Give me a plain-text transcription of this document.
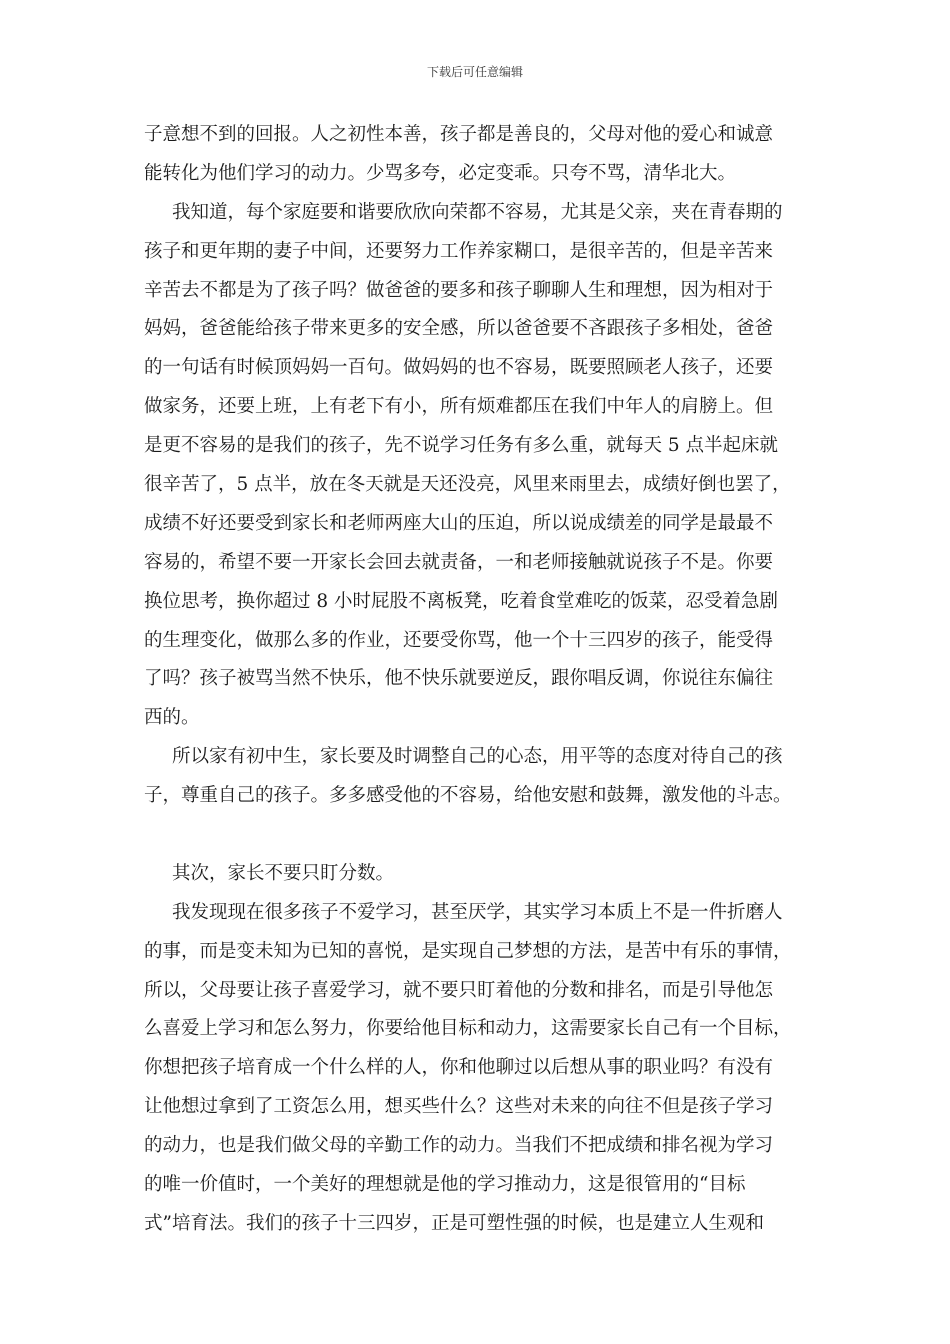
下载后可任意编辑
子意想不到的回报。人之初性本善，孩子都是善良的，父母对他的爱心和诚意
能转化为他们学习的动力。少骂多夸，必定变乖。只夸不骂，清华北大。
我知道，每个家庭要和谐要欣欣向荣都不容易，尤其是父亲，夹在青春期的
孩子和更年期的妻子中间，还要努力工作养家糊口，是很辛苦的，但是辛苦来
辛苦去不都是为了孩子吗？做爸爸的要多和孩子聊聊人生和理想，因为相对于
妈妈，爸爸能给孩子带来更多的安全感，所以爸爸要不吝跟孩子多相处，爸爸
的一句话有时候顶妈妈一百句。做妈妈的也不容易，既要照顾老人孩子，还要
做家务，还要上班，上有老下有小，所有烦难都压在我们中年人的肩膀上。但
是更不容易的是我们的孩子，先不说学习任务有多么重，就每天 5 点半起床就
很辛苦了，5 点半，放在冬天就是天还没亮，风里来雨里去，成绩好倒也罢了，
成绩不好还要受到家长和老师两座大山的压迫，所以说成绩差的同学是最最不
容易的，希望不要一开家长会回去就责备，一和老师接触就说孩子不是。你要
换位思考，换你超过 8 小时屁股不离板凳，吃着食堂难吃的饭菜，忍受着急剧
的生理变化，做那么多的作业，还要受你骂，他一个十三四岁的孩子，能受得
了吗？孩子被骂当然不快乐，他不快乐就要逆反，跟你唱反调，你说往东偏往
西的。
所以家有初中生，家长要及时调整自己的心态，用平等的态度对待自己的孩
子，尊重自己的孩子。多多感受他的不容易，给他安慰和鼓舞，激发他的斗志。
其次，家长不要只盯分数。
我发现现在很多孩子不爱学习，甚至厌学，其实学习本质上不是一件折磨人
的事，而是变未知为已知的喜悦，是实现自己梦想的方法，是苦中有乐的事情，
所以，父母要让孩子喜爱学习，就不要只盯着他的分数和排名，而是引导他怎
么喜爱上学习和怎么努力，你要给他目标和动力，这需要家长自己有一个目标，
你想把孩子培育成一个什么样的人，你和他聊过以后想从事的职业吗？有没有
让他想过拿到了工资怎么用，想买些什么？这些对未来的向往不但是孩子学习
的动力，也是我们做父母的辛勤工作的动力。当我们不把成绩和排名视为学习
的唯一价值时，一个美好的理想就是他的学习推动力，这是很管用的“目标
式”培育法。我们的孩子十三四岁，正是可塑性强的时候，也是建立人生观和
